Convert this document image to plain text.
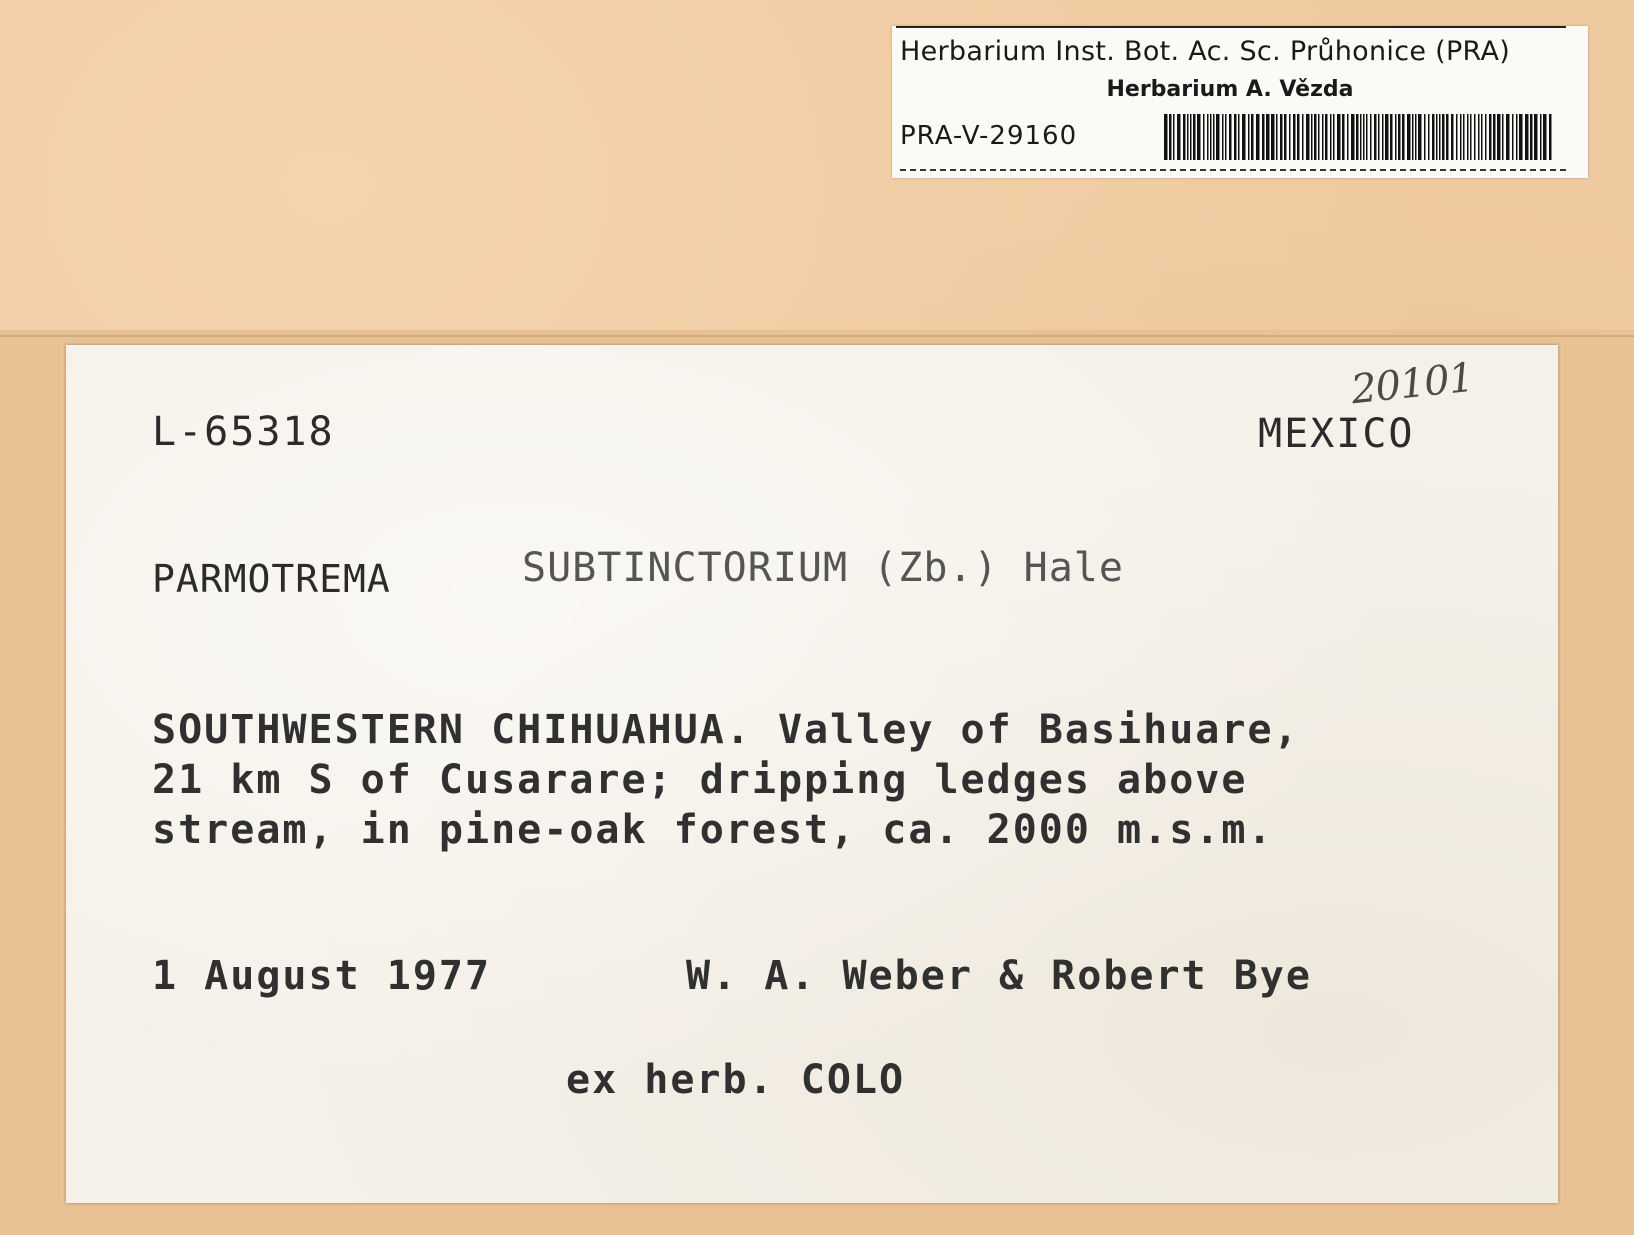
Herbarium Inst. Bot. Ac. Sc. Průhonice (PRA)
Herbarium A. Vězda
PRA-V-29160
L-65318
20101
MEXICO
PARMOTREMA	SUBTINCTORIUM (Zb.) Hale
SOUTHWESTERN CHIHUAHUA. Valley of Basihuare,
21 km S of Cusarare; dripping ledges above
stream, in pine-oak forest, ca. 2000 m.s.m.
1 August 1977	W. A. Weber & Robert Bye
ex herb. COLO
